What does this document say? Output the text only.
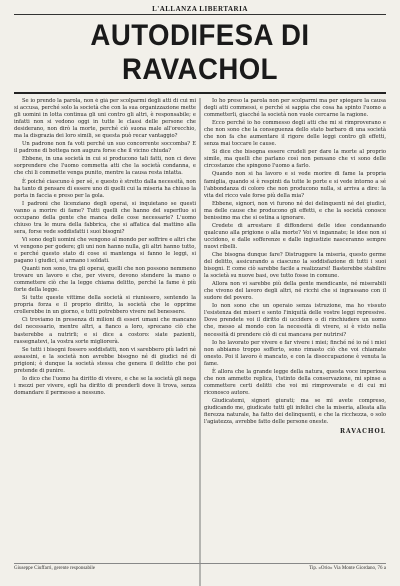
L'ALLANZA LIBERTARIA
AUTODIFESA DI RAVACHOL

Se io prendo la parola, non è già per scolparmi degli atti di cui mi si accusa, perché solo la società che con la sua organizzazione mette gli uomini in lotta continua gli uni contro gli altri, è responsabile; e infatti non si vedono oggi in tutte le classi delle persone che desiderano, non dirò la morte, perché ciò suona male all'orecchio, ma la disgrazia dei loro simili, se questa può recar vantaggio?

Un padrone non fa voti perché un suo concorrente soccomba? E il padrone di bottega non augura forse che il vicino chiuda?

Ebbene, in una società in cui si producono tali fatti, non ci deve sorprendere che l'uomo commetta atti che la società condanna, e che chi li commette venga punito, mentre la causa resta intatta.

È poiché ciascuno è per sé, e questo è stretto dalla necessità, non ha tanto di pensare di essere uno di quelli cui la miseria ha chiuso la porta in faccia e preso per la gola.

I padroni che licenziano degli operai, si inquietano se questi vanno a morire di fame? Tutti quelli che hanno del superfluo si occupano della gente che manca delle cose necessarie? L'uomo chiuso tra le mura della fabbrica, che si affatica dal mattino alla sera, forse vede soddisfatti i suoi bisogni?

Vi sono degli uomini che vengono al mondo per soffrire e altri che vi vengono per godere; gli uni non hanno nulla, gli altri hanno tutto, e perché questo stato di cose si mantenga si fanno le leggi, si pagano i giudici, si armano i soldati.

Quanti non sono, tra gli operai, quelli che non possono nemmeno trovare un lavoro e che, per vivere, devono stendere la mano o commettere ciò che la legge chiama delitto, perché la fame è più forte della legge.

Si tutte queste vittime della società si riunissero, sentendo la propria forza e il proprio diritto, la società che le opprime crollerebbe in un giorno, e tutti potrebbero vivere nel benessere.

Ci troviamo in presenza di milioni di esseri umani che mancano del necessario, mentre altri, a fianco a loro, sprecano ciò che basterebbe a nutrirli; e si dice a costoro: siate pazienti, rassegnatevi, la vostra sorte migliorerà.

Se tutti i bisogni fossero soddisfatti, non vi sarebbero più ladri né assassini, e la società non avrebbe bisogno né di giudici né di prigioni; è dunque la società stessa che genera il delitto che poi pretende di punire.

Io dico che l'uomo ha diritto di vivere, e che se la società gli nega i mezzi per vivere, egli ha diritto di prenderli dove li trova, senza domandare il permesso a nessuno.

Io ho preso la parola non per scolparmi ma per spiegare la causa degli atti commessi, e perché si sappia che cosa ha spinto l'uomo a commetterli, giacché la società non vuole cercarne la ragione.

Ecco perché io ho commesso degli atti che mi si rimproverano e che non sono che la conseguenza dello stato barbaro di una società che non fa che aumentare il rigore delle leggi contro gli effetti, senza mai toccare le cause.

Si dice che bisogna essere crudeli per dare la morte al proprio simile, ma quelli che parlano così non pensano che vi sono delle circostanze che spingono l'uomo a farlo.

Quando non si ha lavoro e si vede morire di fame la propria famiglia, quando si è respinti da tutte le porte e si vede intorno a sé l'abbondanza di coloro che non producono nulla, si arriva a dire: la vita del ricco vale forse più della mia?

Ebbene, signori, non vi furono né dei delinquenti né dei giudici, ma delle cause che producono gli effetti, e che la società conosce benissimo ma che si ostina a ignorare.

Credete di arrestare il diffondersi delle idee condannando qualcuno alla prigione o alla morte? Voi vi ingannate; le idee non si uccidono, e dalle sofferenze e dalle ingiustizie nasceranno sempre nuovi ribelli.

Che bisogna dunque fare? Distruggere la miseria, questo germe del delitto, assicurando a ciascuno la soddisfazione di tutti i suoi bisogni. E come ciò sarebbe facile a realizzarsi! Basterebbe stabilire la società su nuove basi, ove tutto fosse in comune.

Allora non vi sarebbe più della gente mendicante, né miserabili che vivono del lavoro degli altri, né ricchi che si ingrassano con il sudore del povero.

Io non sono che un operaio senza istruzione, ma ho vissuto l'esistenza dei miseri e sento l'iniquità delle vostre leggi repressive. Dove prendete voi il diritto di uccidere o di rinchiudere un uomo che, messo al mondo con la necessità di vivere, si è visto nella necessità di prendere ciò di cui mancava per nutrirsi?

Io ho lavorato per vivere e far vivere i miei; finché né io né i miei non abbiamo troppo sofferto, sono rimasto ciò che voi chiamate onesto. Poi il lavoro è mancato, e con la disoccupazione è venuta la fame.

È allora che la grande legge della natura, questa voce imperiosa che non ammette replica, l'istinto della conservazione, mi spinse a commettere certi delitti che voi mi rimproverate e di cui mi riconosco autore.

Giudicatemi, signori giurati; ma se mi avete compreso, giudicando me, giudicate tutti gli infelici che la miseria, alleata alla fierezza naturale, ha fatto dei delinquenti, e che la ricchezza, o solo l'agiatezza, avrebbe fatto delle persone oneste.

RAVACHOL
Giuseppe Ciuffarri, gerente responsabile	Tip. «Orio» Via Monte Giordano, 76 a
